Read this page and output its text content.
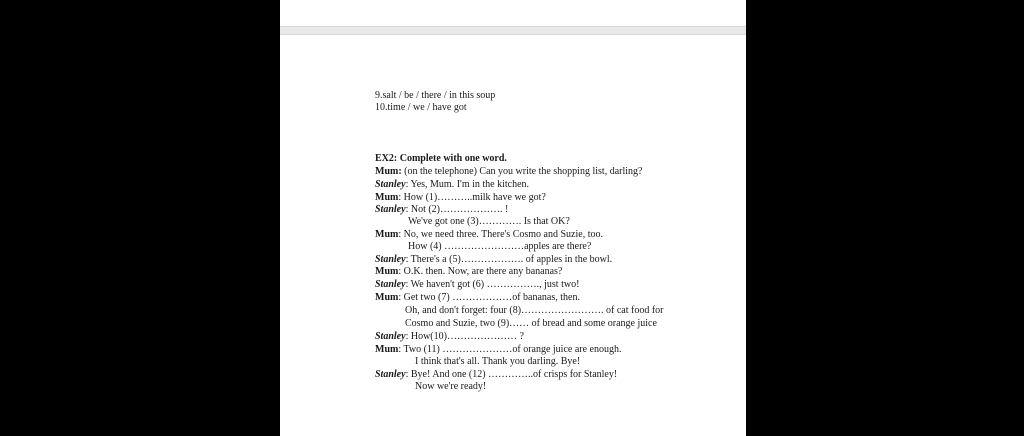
9.salt / be / there / in this soup
10.time / we / have got
EX2: Complete with one word.
Mum: (on the telephone) Can you write the shopping list, darling?
Stanley: Yes, Mum. I'm in the kitchen.
Mum: How (1)………..milk have we got?
Stanley: Not (2)………………. !
We've got one (3)…………. Is that OK?
Mum: No, we need three. There's Cosmo and Suzie, too.
How (4) ……………………apples are there?
Stanley: There's a (5)………………. of apples in the bowl.
Mum: O.K. then. Now, are there any bananas?
Stanley: We haven't got (6) ……………., just two!
Mum: Get two (7) ………………of bananas, then.
Oh, and don't forget: four (8)……………………. of cat food for
Cosmo and Suzie, two (9)…… of bread and some orange juice
Stanley: How(10)………………… ?
Mum: Two (11) …………………of orange juice are enough.
I think that's all. Thank you darling. Bye!
Stanley: Bye! And one (12) …………..of crisps for Stanley!
Now we're ready!
